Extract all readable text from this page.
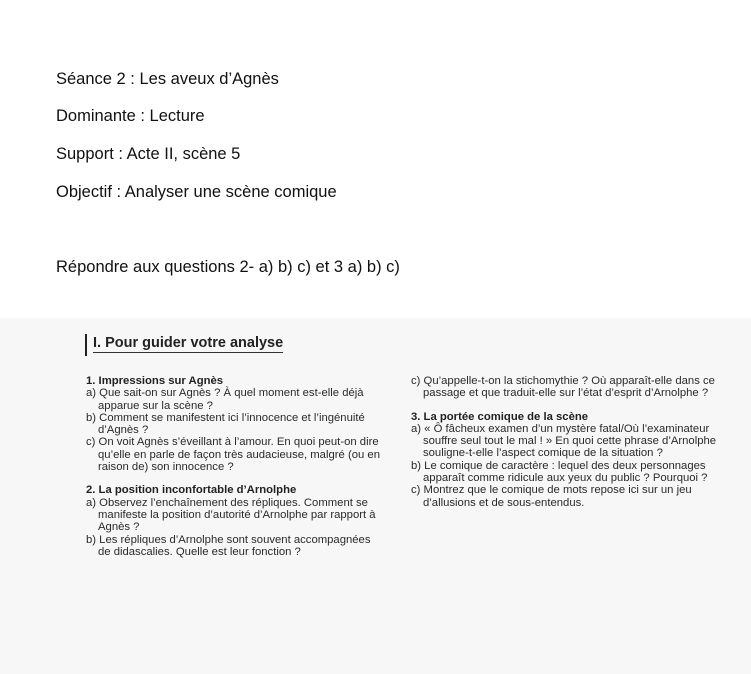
Séance 2 : Les aveux d’Agnès
Dominante : Lecture
Support : Acte II, scène 5
Objectif : Analyser une scène comique
Répondre aux questions 2- a) b) c) et 3 a) b) c)
I. Pour guider votre analyse
1. Impressions sur Agnès
a) Que sait-on sur Agnès ? À quel moment est-elle déjà apparue sur la scène ?
b) Comment se manifestent ici l’innocence et l’ingénuité d’Agnès ?
c) On voit Agnès s’éveillant à l’amour. En quoi peut-on dire qu’elle en parle de façon très audacieuse, malgré (ou en raison de) son innocence ?
2. La position inconfortable d’Arnolphe
a) Observez l’enchaînement des répliques. Comment se manifeste la position d’autorité d’Arnolphe par rapport à Agnès ?
b) Les répliques d’Arnolphe sont souvent accompagnées de didascalies. Quelle est leur fonction ?
c) Qu’appelle-t-on la stichomythie ? Où apparaît-elle dans ce passage et que traduit-elle sur l’état d’esprit d’Arnolphe ?
3. La portée comique de la scène
a) « Ô fâcheux examen d’un mystère fatal/Où l’examinateur souffre seul tout le mal ! » En quoi cette phrase d’Arnolphe souligne-t-elle l’aspect comique de la situation ?
b) Le comique de caractère : lequel des deux personnages apparaît comme ridicule aux yeux du public ? Pourquoi ?
c) Montrez que le comique de mots repose ici sur un jeu d’allusions et de sous-entendus.
